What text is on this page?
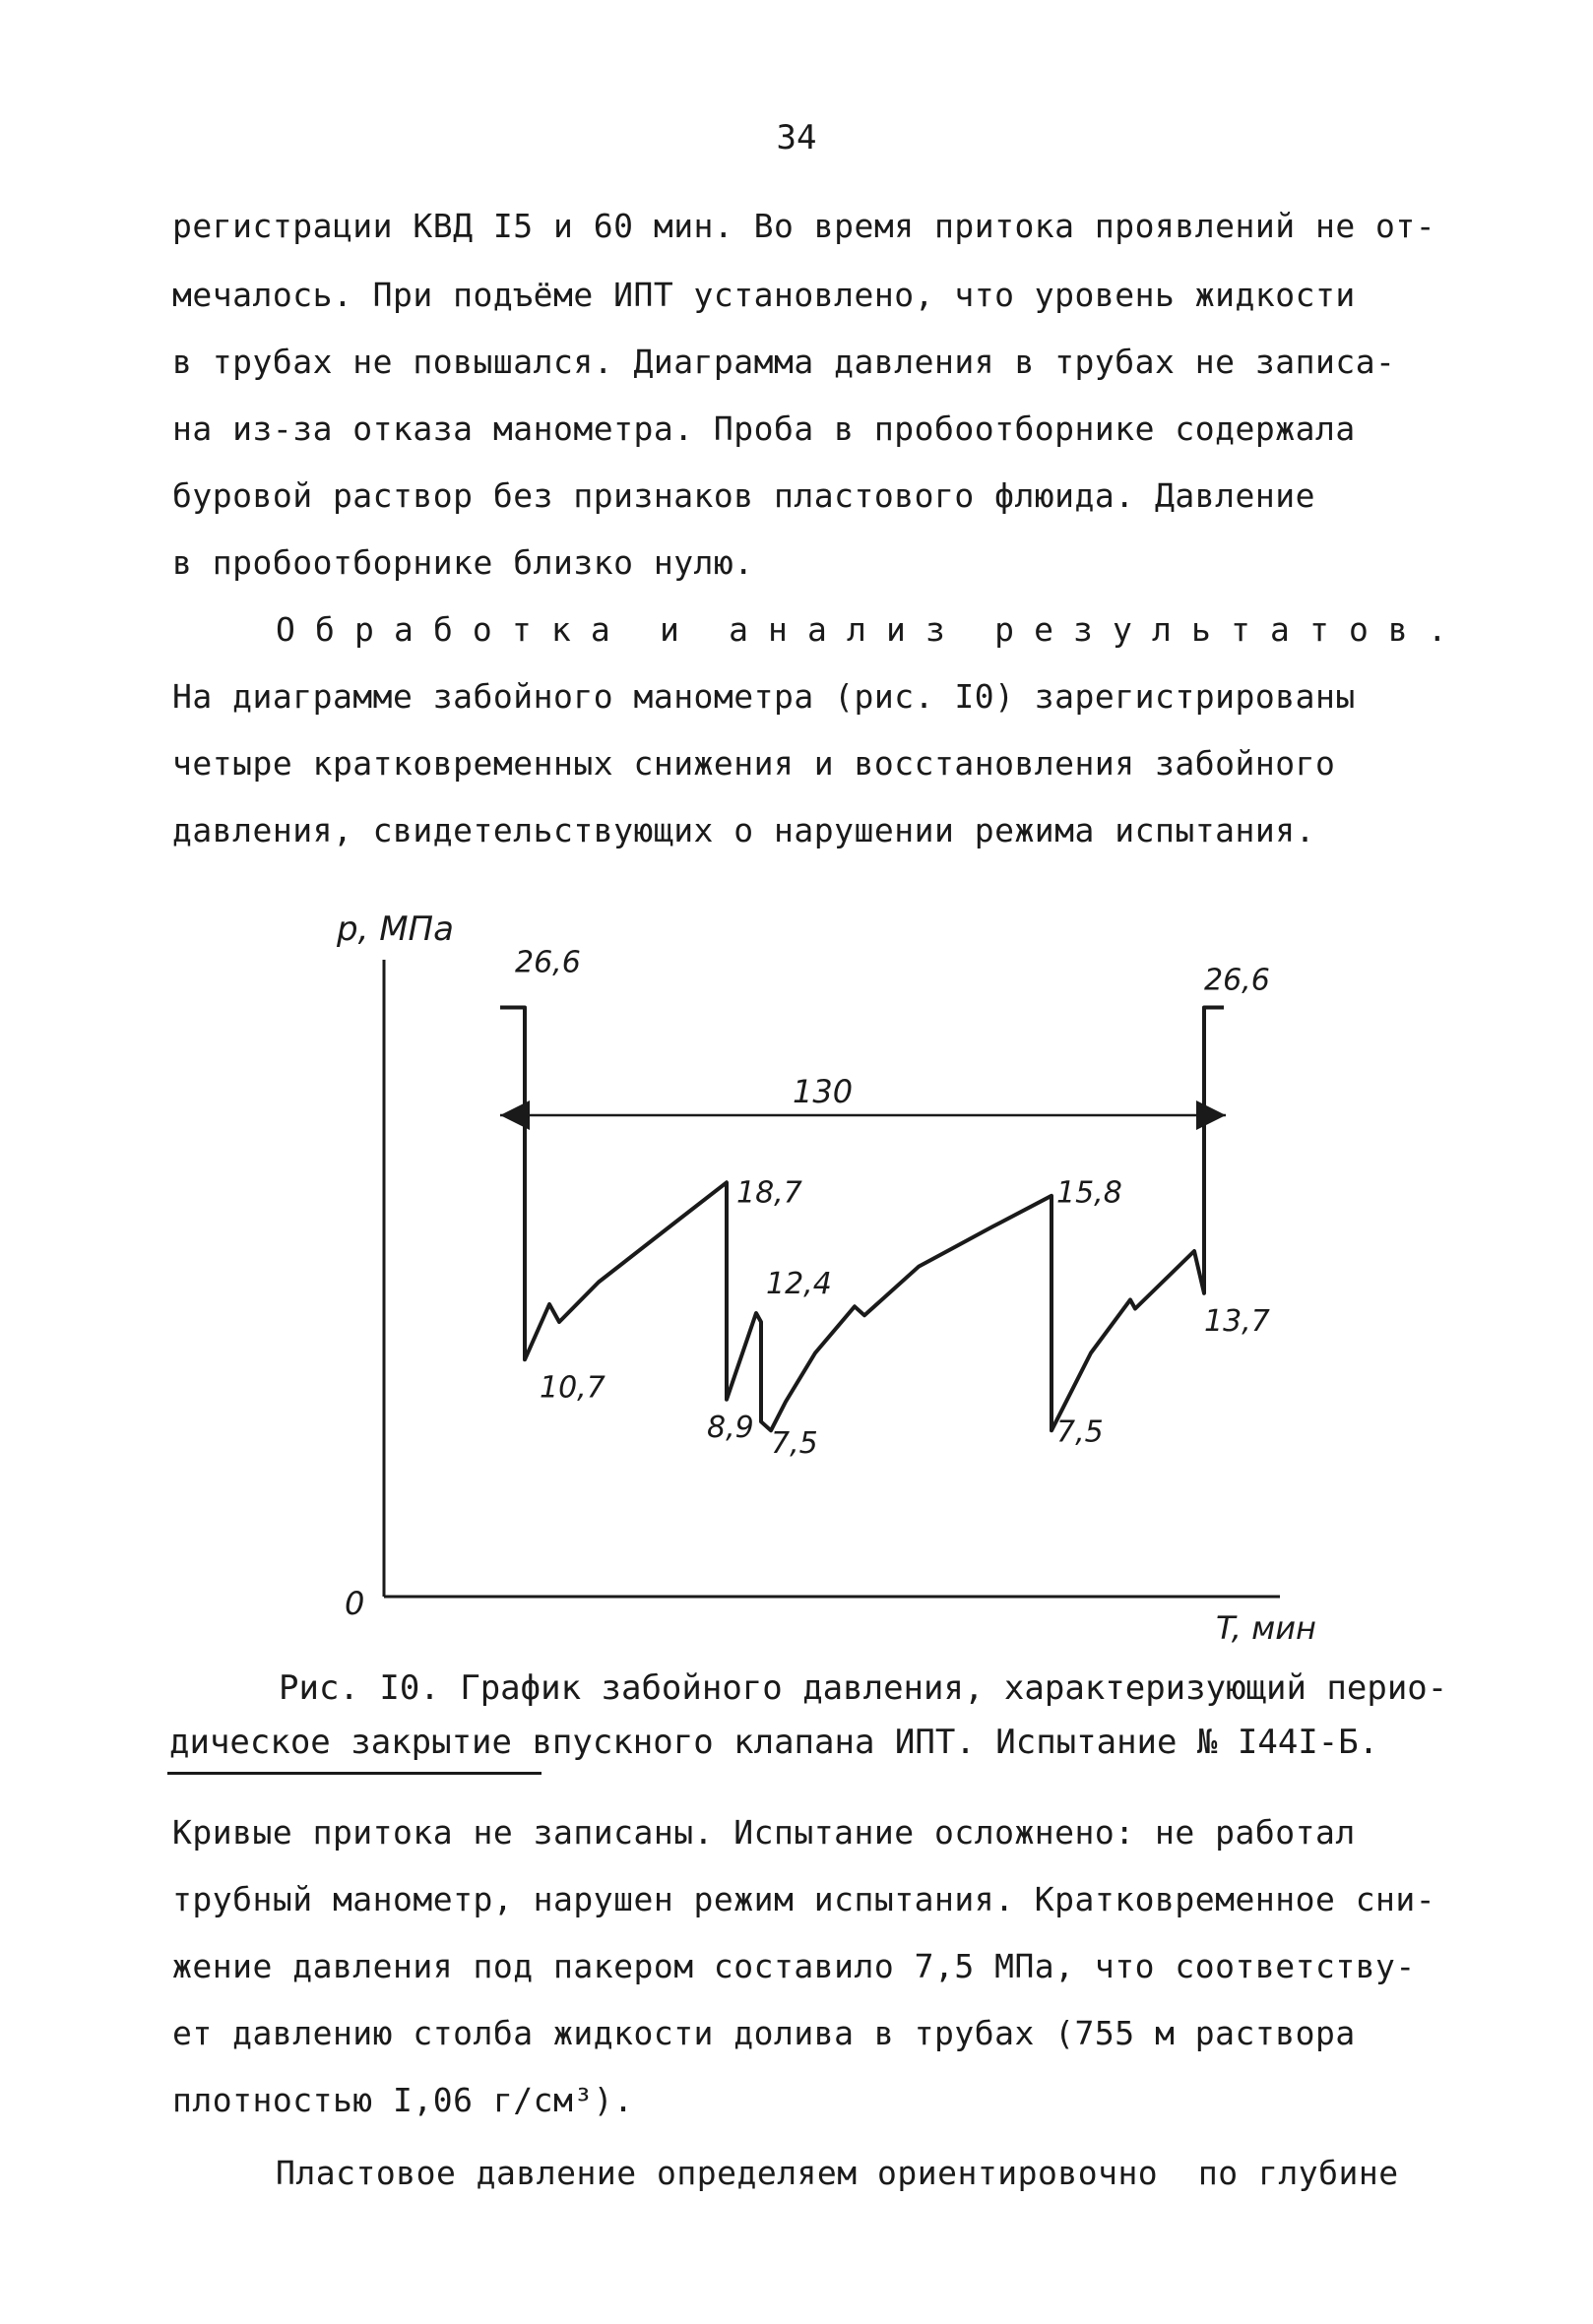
34
регистрации КВД I5 и 60 мин. Во время притока проявлений не от-
мечалось. При подъёме ИПТ установлено, что уровень жидкости
в трубах не повышался. Диаграмма давления в трубах не записа-
на из-за отказа манометра. Проба в пробоотборнике содержала
буровой раствор без признаков пластового флюида. Давление
в пробоотборнике близко нулю.
О б р а б о т к а и а н а л и з р е з у л ь т а т о в .
На диаграмме забойного манометра (рис. I0) зарегистрированы
четыре кратковременных снижения и восстановления забойного
давления, свидетельствующих о нарушении режима испытания.
p, МПа
T, мин
0
130
26,6
26,6
10,7
18,7
12,4
8,9 7,5
15,8
7,5
13,7
Рис. I0. График забойного давления, характеризующий перио-
дическое закрытие впускного клапана ИПТ. Испытание № I44I-Б.
Кривые притока не записаны. Испытание осложнено: не работал
трубный манометр, нарушен режим испытания. Кратковременное сни-
жение давления под пакером составило 7,5 МПа, что соответству-
ет давлению столба жидкости долива в трубах (755 м раствора
плотностью I,06 г/см³).
Пластовое давление определяем ориентировочно  по глубине
